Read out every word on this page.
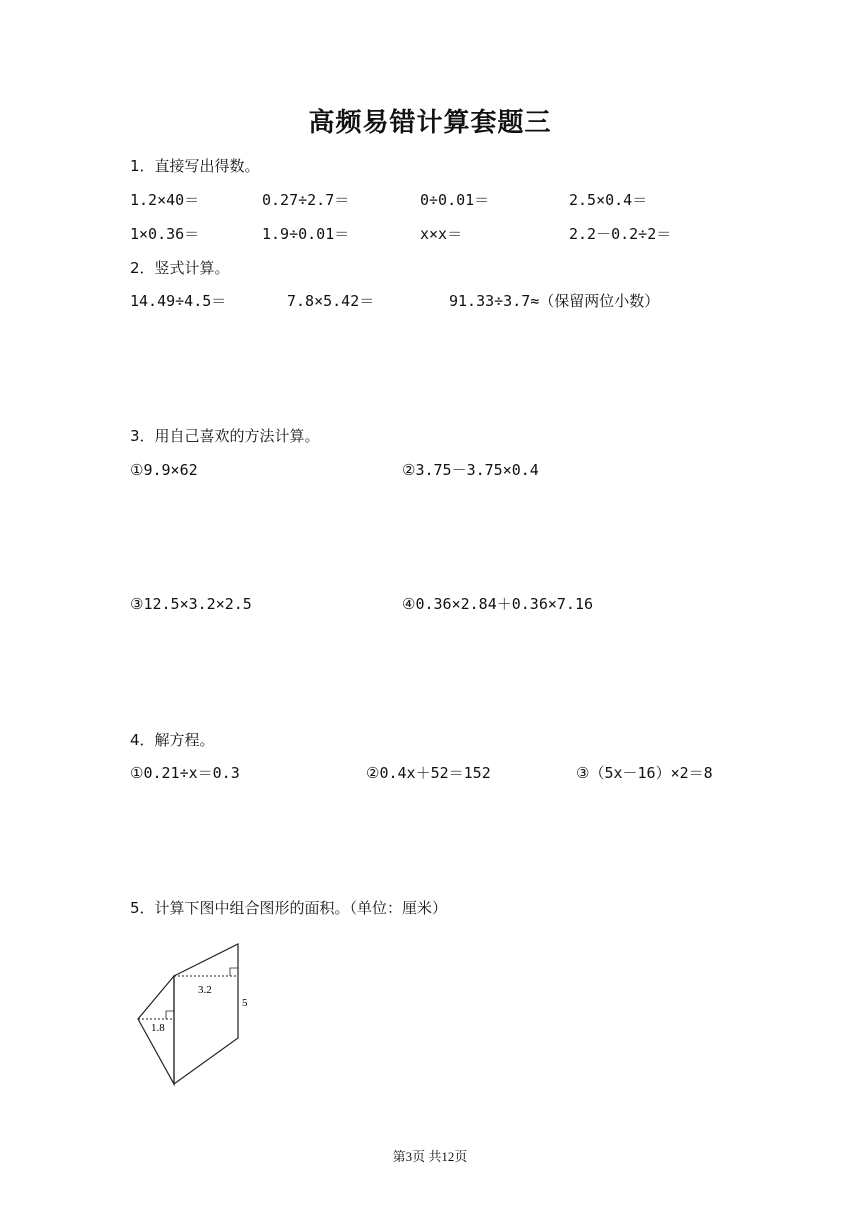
高频易错计算套题三
1．直接写出得数。
1.2×40＝	0.27÷2.7＝	0÷0.01＝	2.5×0.4＝
1×0.36＝	1.9÷0.01＝	x×x＝	2.2－0.2÷2＝
2．竖式计算。
14.49÷4.5＝	7.8×5.42＝	91.33÷3.7≈（保留两位小数）
3．用自己喜欢的方法计算。
①9.9×62	②3.75－3.75×0.4
③12.5×3.2×2.5	④0.36×2.84＋0.36×7.16
4．解方程。
①0.21÷x＝0.3	②0.4x＋52＝152	③（5x－16）×2＝8
5．计算下图中组合图形的面积。（单位：厘米）
3.2
5
1.8
第3页 共12页
